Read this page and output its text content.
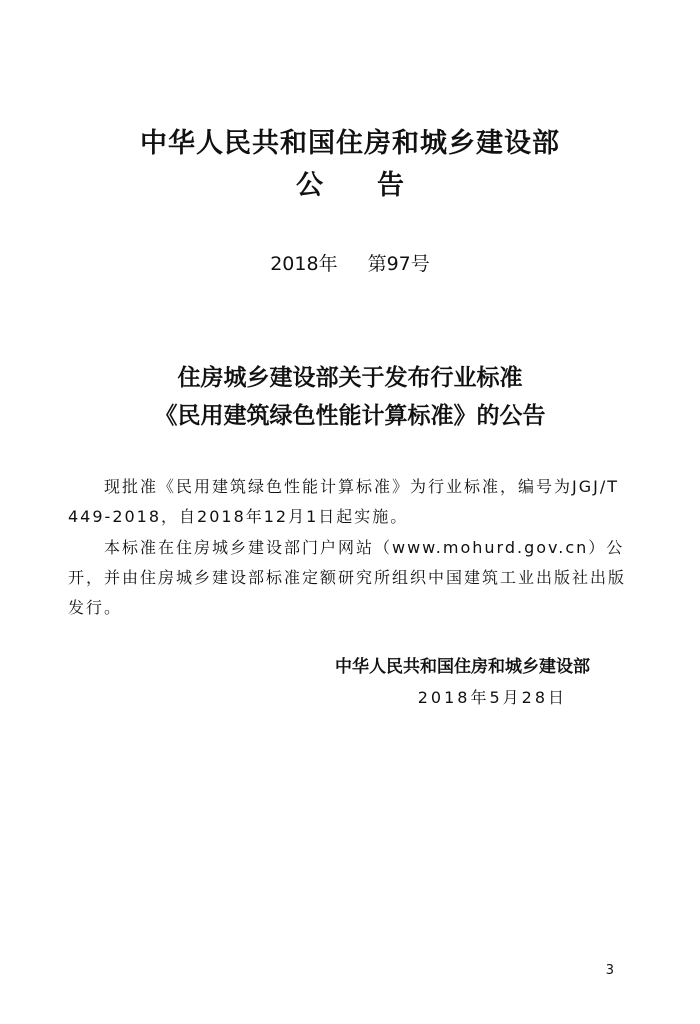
中华人民共和国住房和城乡建设部
公 告
2018年 第97号
住房城乡建设部关于发布行业标准
《民用建筑绿色性能计算标准》的公告
现批准《民用建筑绿色性能计算标准》为行业标准，编号为JGJ/T 449-2018，自2018年12月1日起实施。
本标准在住房城乡建设部门户网站（www.mohurd.gov.cn）公开，并由住房城乡建设部标准定额研究所组织中国建筑工业出版社出版发行。
中华人民共和国住房和城乡建设部
2018年5月28日
3
